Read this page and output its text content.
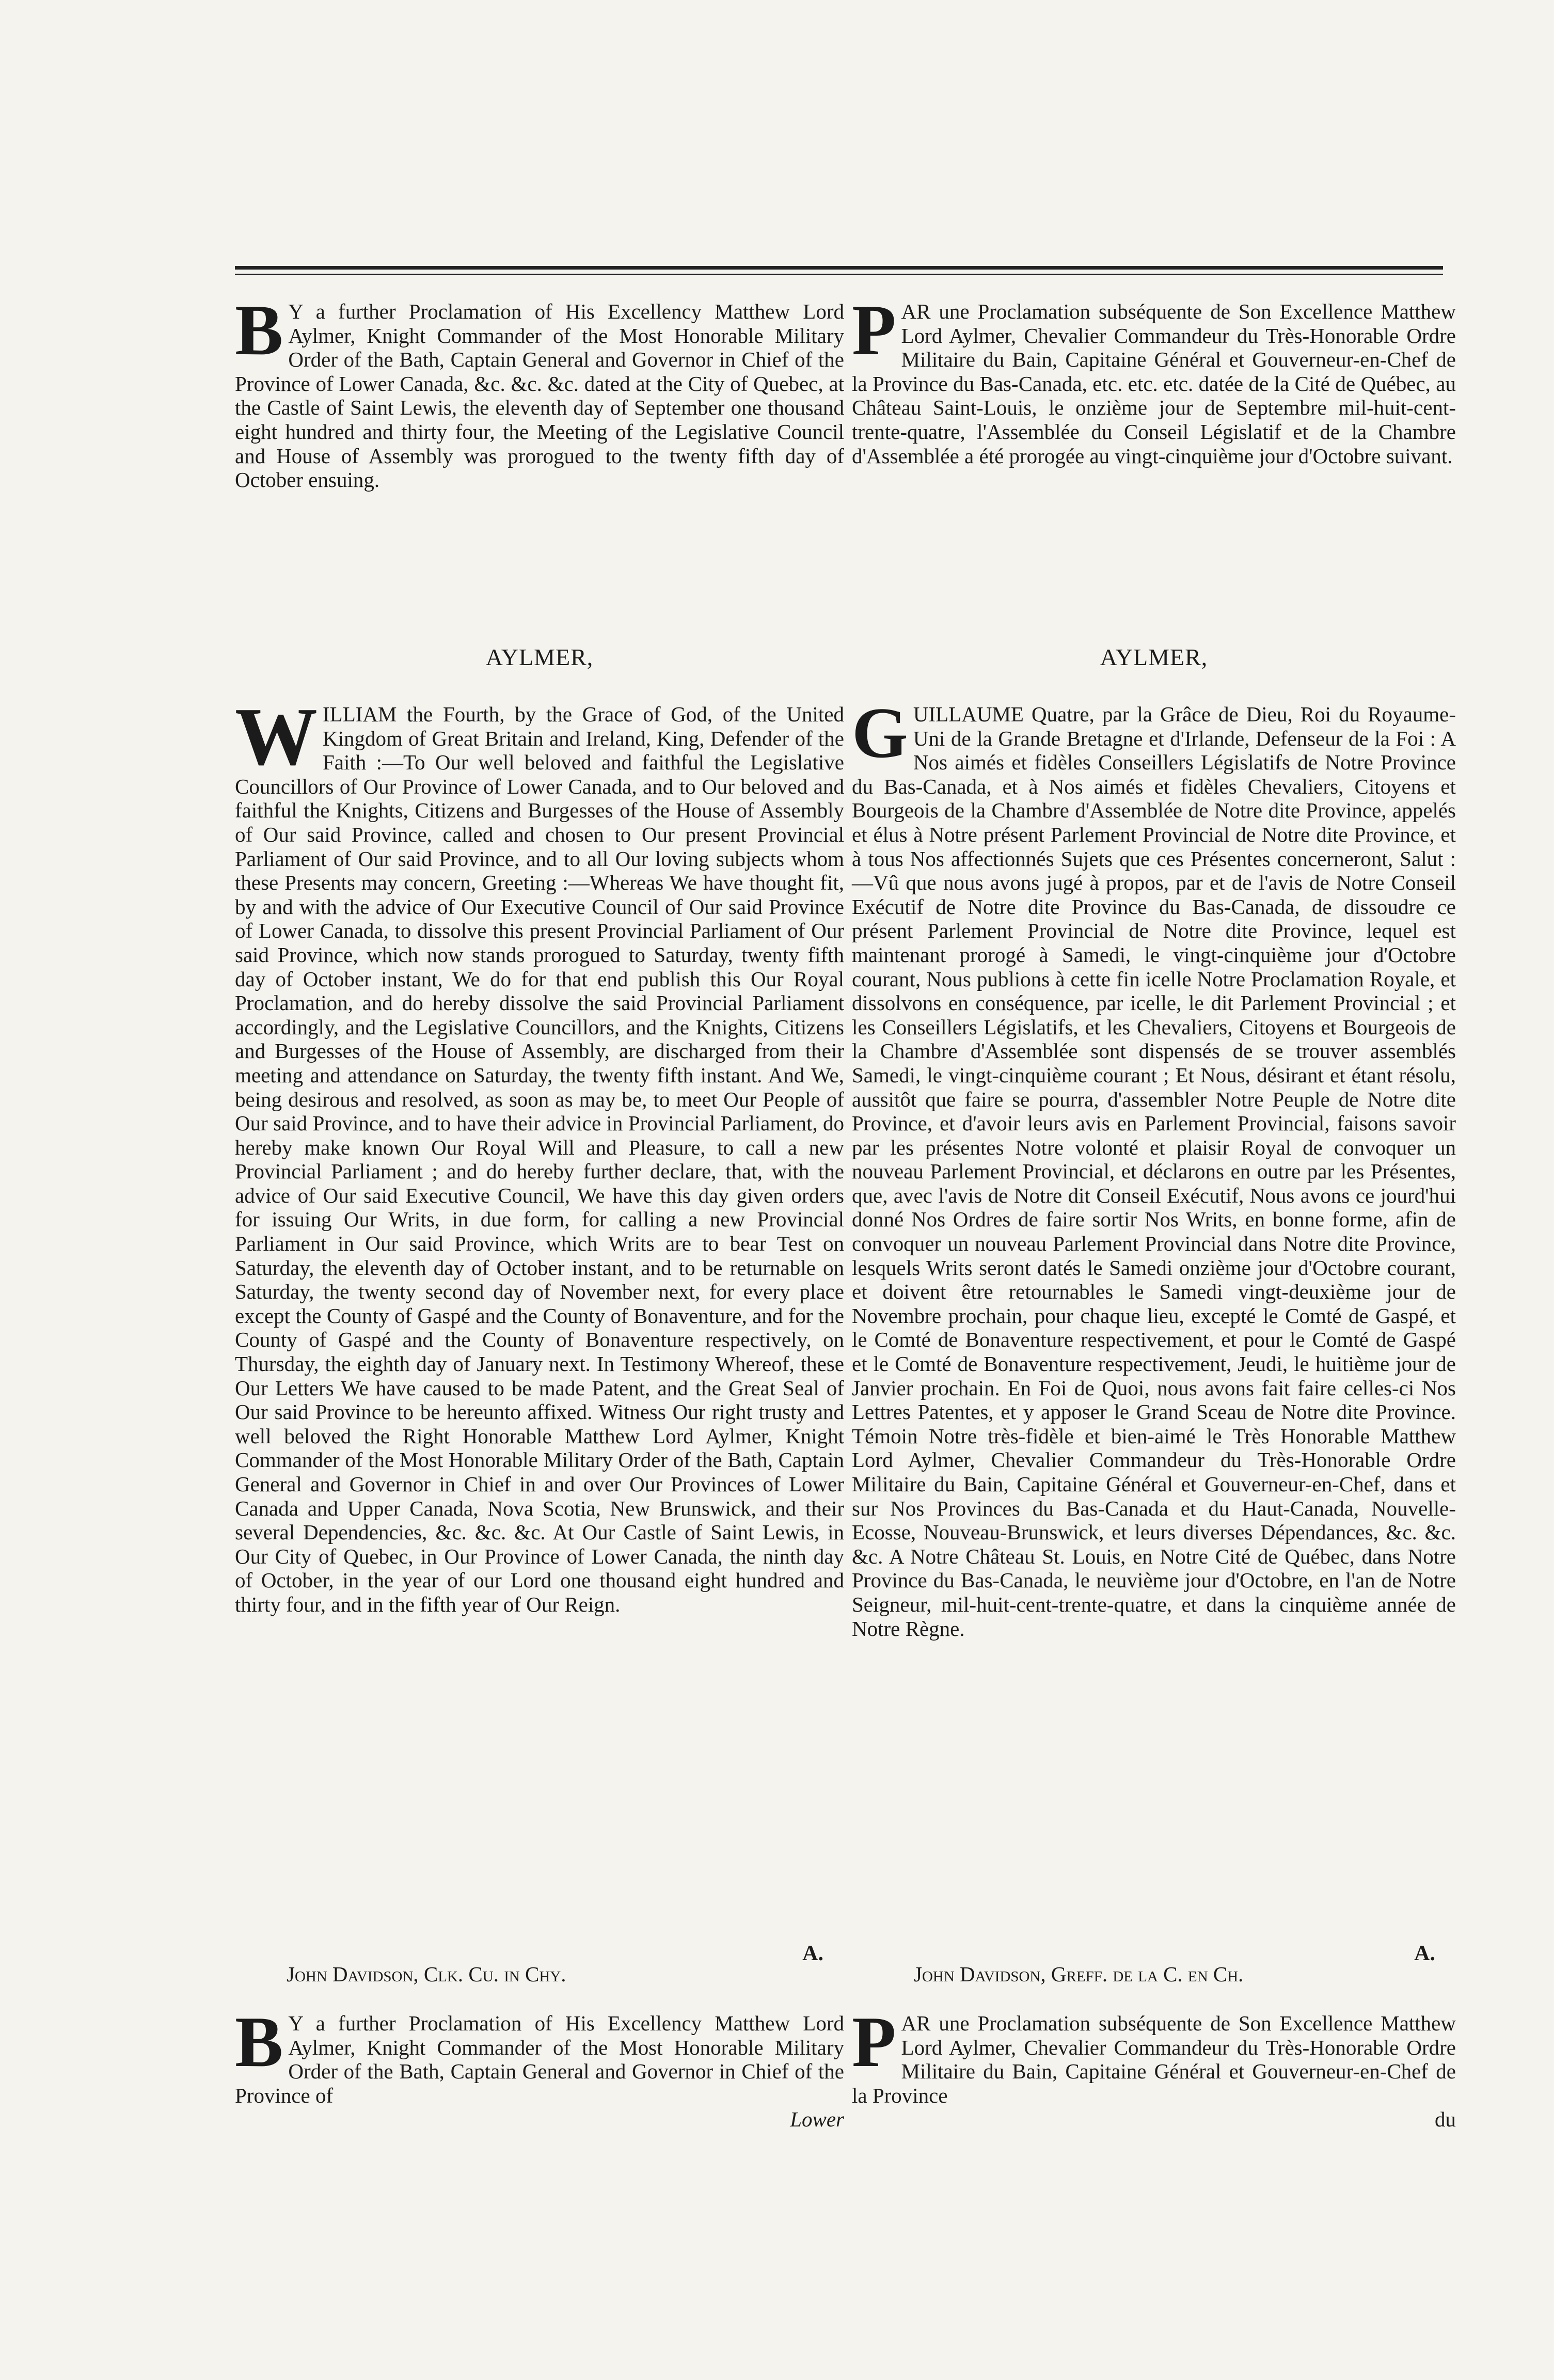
B Y a further Proclamation of His Excellency Matthew Lord Aylmer, Knight Commander of the Most Honorable Military Order of the Bath, Captain General and Governor in Chief of the Province of Lower Canada, &c. &c. &c. dated at the City of Quebec, at the Castle of Saint Lewis, the eleventh day of September one thousand eight hundred and thirty four, the Meeting of the Legislative Council and House of Assembly was prorogued to the twenty fifth day of October ensuing.

AYLMER,

WILLIAM the Fourth, by the Grace of God, of the United Kingdom of Great Britain and Ireland, King, Defender of the Faith :—To Our well beloved and faithful the Legislative Councillors of Our Province of Lower Canada, and to Our beloved and faithful the Knights, Citizens and Burgesses of the House of Assembly of Our said Province, called and chosen to Our present Provincial Parliament of Our said Province, and to all Our loving subjects whom these Presents may concern, Greeting :—Whereas We have thought fit, by and with the advice of Our Executive Council of Our said Province of Lower Canada, to dissolve this present Provincial Parliament of Our said Province, which now stands prorogued to Saturday, twenty fifth day of October instant, We do for that end publish this Our Royal Proclamation, and do hereby dissolve the said Provincial Parliament accordingly, and the Legislative Councillors, and the Knights, Citizens and Burgesses of the House of Assembly, are discharged from their meeting and attendance on Saturday, the twenty fifth instant. And We, being desirous and resolved, as soon as may be, to meet Our People of Our said Province, and to have their advice in Provincial Parliament, do hereby make known Our Royal Will and Pleasure, to call a new Provincial Parliament ; and do hereby further declare, that, with the advice of Our said Executive Council, We have this day given orders for issuing Our Writs, in due form, for calling a new Provincial Parliament in Our said Province, which Writs are to bear Test on Saturday, the eleventh day of October instant, and to be returnable on Saturday, the twenty second day of November next, for every place except the County of Gaspé and the County of Bonaventure, and for the County of Gaspé and the County of Bonaventure respectively, on Thursday, the eighth day of January next. In Testimony Whereof, these Our Letters We have caused to be made Patent, and the Great Seal of Our said Province to be hereunto affixed. Witness Our right trusty and well beloved the Right Honorable Matthew Lord Aylmer, Knight Commander of the Most Honorable Military Order of the Bath, Captain General and Governor in Chief in and over Our Provinces of Lower Canada and Upper Canada, Nova Scotia, New Brunswick, and their several Dependencies, &c. &c. &c. At Our Castle of Saint Lewis, in Our City of Quebec, in Our Province of Lower Canada, the ninth day of October, in the year of our Lord one thousand eight hundred and thirty four, and in the fifth year of Our Reign.

A.

John Davidson, Clk. Cu. in Chy.

B Y a further Proclamation of His Excellency Matthew Lord Aylmer, Knight Commander of the Most Honorable Military Order of the Bath, Captain General and Governor in Chief of the Province of

Lower

PAR une Proclamation subséquente de Son Excellence Matthew Lord Aylmer, Chevalier Commandeur du Très-Honorable Ordre Militaire du Bain, Capitaine Général et Gouverneur-en-Chef de la Province du Bas-Canada, etc. etc. etc. datée de la Cité de Québec, au Château Saint-Louis, le onzième jour de Septembre mil-huit-cent-trente-quatre, l'Assemblée du Conseil Législatif et de la Chambre d'Assemblée a été prorogée au vingt-cinquième jour d'Octobre suivant.

AYLMER,

GUILLAUME Quatre, par la Grâce de Dieu, Roi du Royaume-Uni de la Grande Bretagne et d'Irlande, Defenseur de la Foi : A Nos aimés et fidèles Conseillers Législatifs de Notre Province du Bas-Canada, et à Nos aimés et fidèles Chevaliers, Citoyens et Bourgeois de la Chambre d'Assemblée de Notre dite Province, appelés et élus à Notre présent Parlement Provincial de Notre dite Province, et à tous Nos affectionnés Sujets que ces Présentes concerneront, Salut :—Vû que nous avons jugé à propos, par et de l'avis de Notre Conseil Exécutif de Notre dite Province du Bas-Canada, de dissoudre ce présent Parlement Provincial de Notre dite Province, lequel est maintenant prorogé à Samedi, le vingt-cinquième jour d'Octobre courant, Nous publions à cette fin icelle Notre Proclamation Royale, et dissolvons en conséquence, par icelle, le dit Parlement Provincial ; et les Conseillers Législatifs, et les Chevaliers, Citoyens et Bourgeois de la Chambre d'Assemblée sont dispensés de se trouver assemblés Samedi, le vingt-cinquième courant ; Et Nous, désirant et étant résolu, aussitôt que faire se pourra, d'assembler Notre Peuple de Notre dite Province, et d'avoir leurs avis en Parlement Provincial, faisons savoir par les présentes Notre volonté et plaisir Royal de convoquer un nouveau Parlement Provincial, et déclarons en outre par les Présentes, que, avec l'avis de Notre dit Conseil Exécutif, Nous avons ce jourd'hui donné Nos Ordres de faire sortir Nos Writs, en bonne forme, afin de convoquer un nouveau Parlement Provincial dans Notre dite Province, lesquels Writs seront datés le Samedi onzième jour d'Octobre courant, et doivent être retournables le Samedi vingt-deuxième jour de Novembre prochain, pour chaque lieu, excepté le Comté de Gaspé, et le Comté de Bonaventure respectivement, et pour le Comté de Gaspé et le Comté de Bonaventure respectivement, Jeudi, le huitième jour de Janvier prochain. En Foi de Quoi, nous avons fait faire celles-ci Nos Lettres Patentes, et y apposer le Grand Sceau de Notre dite Province. Témoin Notre très-fidèle et bien-aimé le Très Honorable Matthew Lord Aylmer, Chevalier Commandeur du Très-Honorable Ordre Militaire du Bain, Capitaine Général et Gouverneur-en-Chef, dans et sur Nos Provinces du Bas-Canada et du Haut-Canada, Nouvelle-Ecosse, Nouveau-Brunswick, et leurs diverses Dépendances, &c. &c. &c. A Notre Château St. Louis, en Notre Cité de Québec, dans Notre Province du Bas-Canada, le neuvième jour d'Octobre, en l'an de Notre Seigneur, mil-huit-cent-trente-quatre, et dans la cinquième année de Notre Règne.

A.

John Davidson, Greff. de la C. en Ch.

PAR une Proclamation subséquente de Son Excellence Matthew Lord Aylmer, Chevalier Commandeur du Très-Honorable Ordre Militaire du Bain, Capitaine Général et Gouverneur-en-Chef de la Province

du
